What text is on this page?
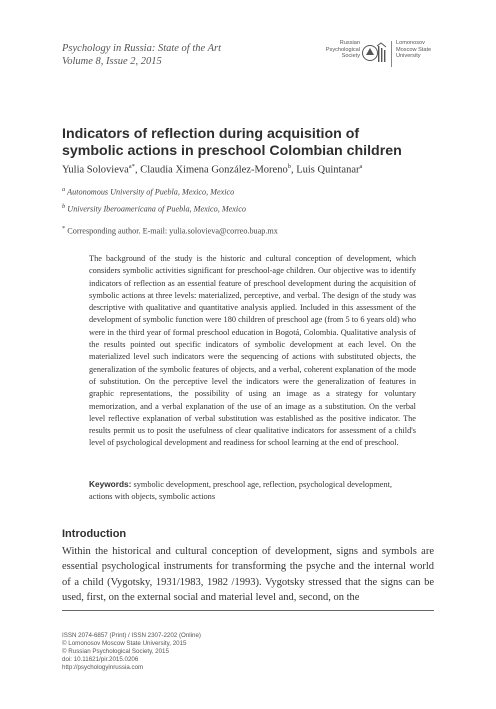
Psychology in Russia: State of the Art
Volume 8, Issue 2, 2015
Russian
Psychological
Society
Lomonosov
Moscow State
University
Indicators of reflection during acquisition of symbolic actions in preschool Colombian children
Yulia Solovieva$^{a*}$, Claudia Ximena González-Moreno$^b$, Luis Quintanar$^a$
$^a$ Autonomous University of Puebla, Mexico, Mexico
$^b$ University Iberoamericana of Puebla, Mexico, Mexico
* Corresponding author. E-mail: yulia.solovieva@correo.buap.mx

The background of the study is the historic and cultural conception of development, which considers symbolic activities significant for preschool-age children. Our objective was to identify indicators of reflection as an essential feature of preschool development during the acquisition of symbolic actions at three levels: materialized, perceptive, and verbal. The design of the study was descriptive with qualitative and quantitative analysis applied. Included in this assessment of the development of symbolic function were 180 children of preschool age (from 5 to 6 years old) who were in the third year of formal preschool education in Bogotá, Colombia. Qualitative analysis of the results pointed out specific indicators of symbolic development at each level. On the materialized level such indicators were the sequencing of actions with substituted objects, the generalization of the symbolic features of objects, and a verbal, coherent explanation of the mode of substitution. On the perceptive level the indicators were the generalization of features in graphic representations, the possibility of using an image as a strategy for voluntary memorization, and a verbal explanation of the use of an image as a substitution. On the verbal level reflective explanation of verbal substitution was established as the positive indicator. The results permit us to posit the usefulness of clear qualitative indicators for assessment of a child's level of psychological development and readiness for school learning at the end of preschool.

Keywords: symbolic development, preschool age, reflection, psychological development, actions with objects, symbolic actions

Introduction

Within the historical and cultural conception of development, signs and symbols are essential psychological instruments for transforming the psyche and the internal world of a child (Vygotsky, 1931/1983, 1982 /1993). Vygotsky stressed that the signs can be used, first, on the external social and material level and, second, on the

ISSN 2074-6857 (Print) / ISSN 2307-2202 (Online)
© Lomonosov Moscow State University, 2015
© Russian Psychological Society, 2015
doi: 10.11621/pir.2015.0206
http://psychologyinrussia.com
